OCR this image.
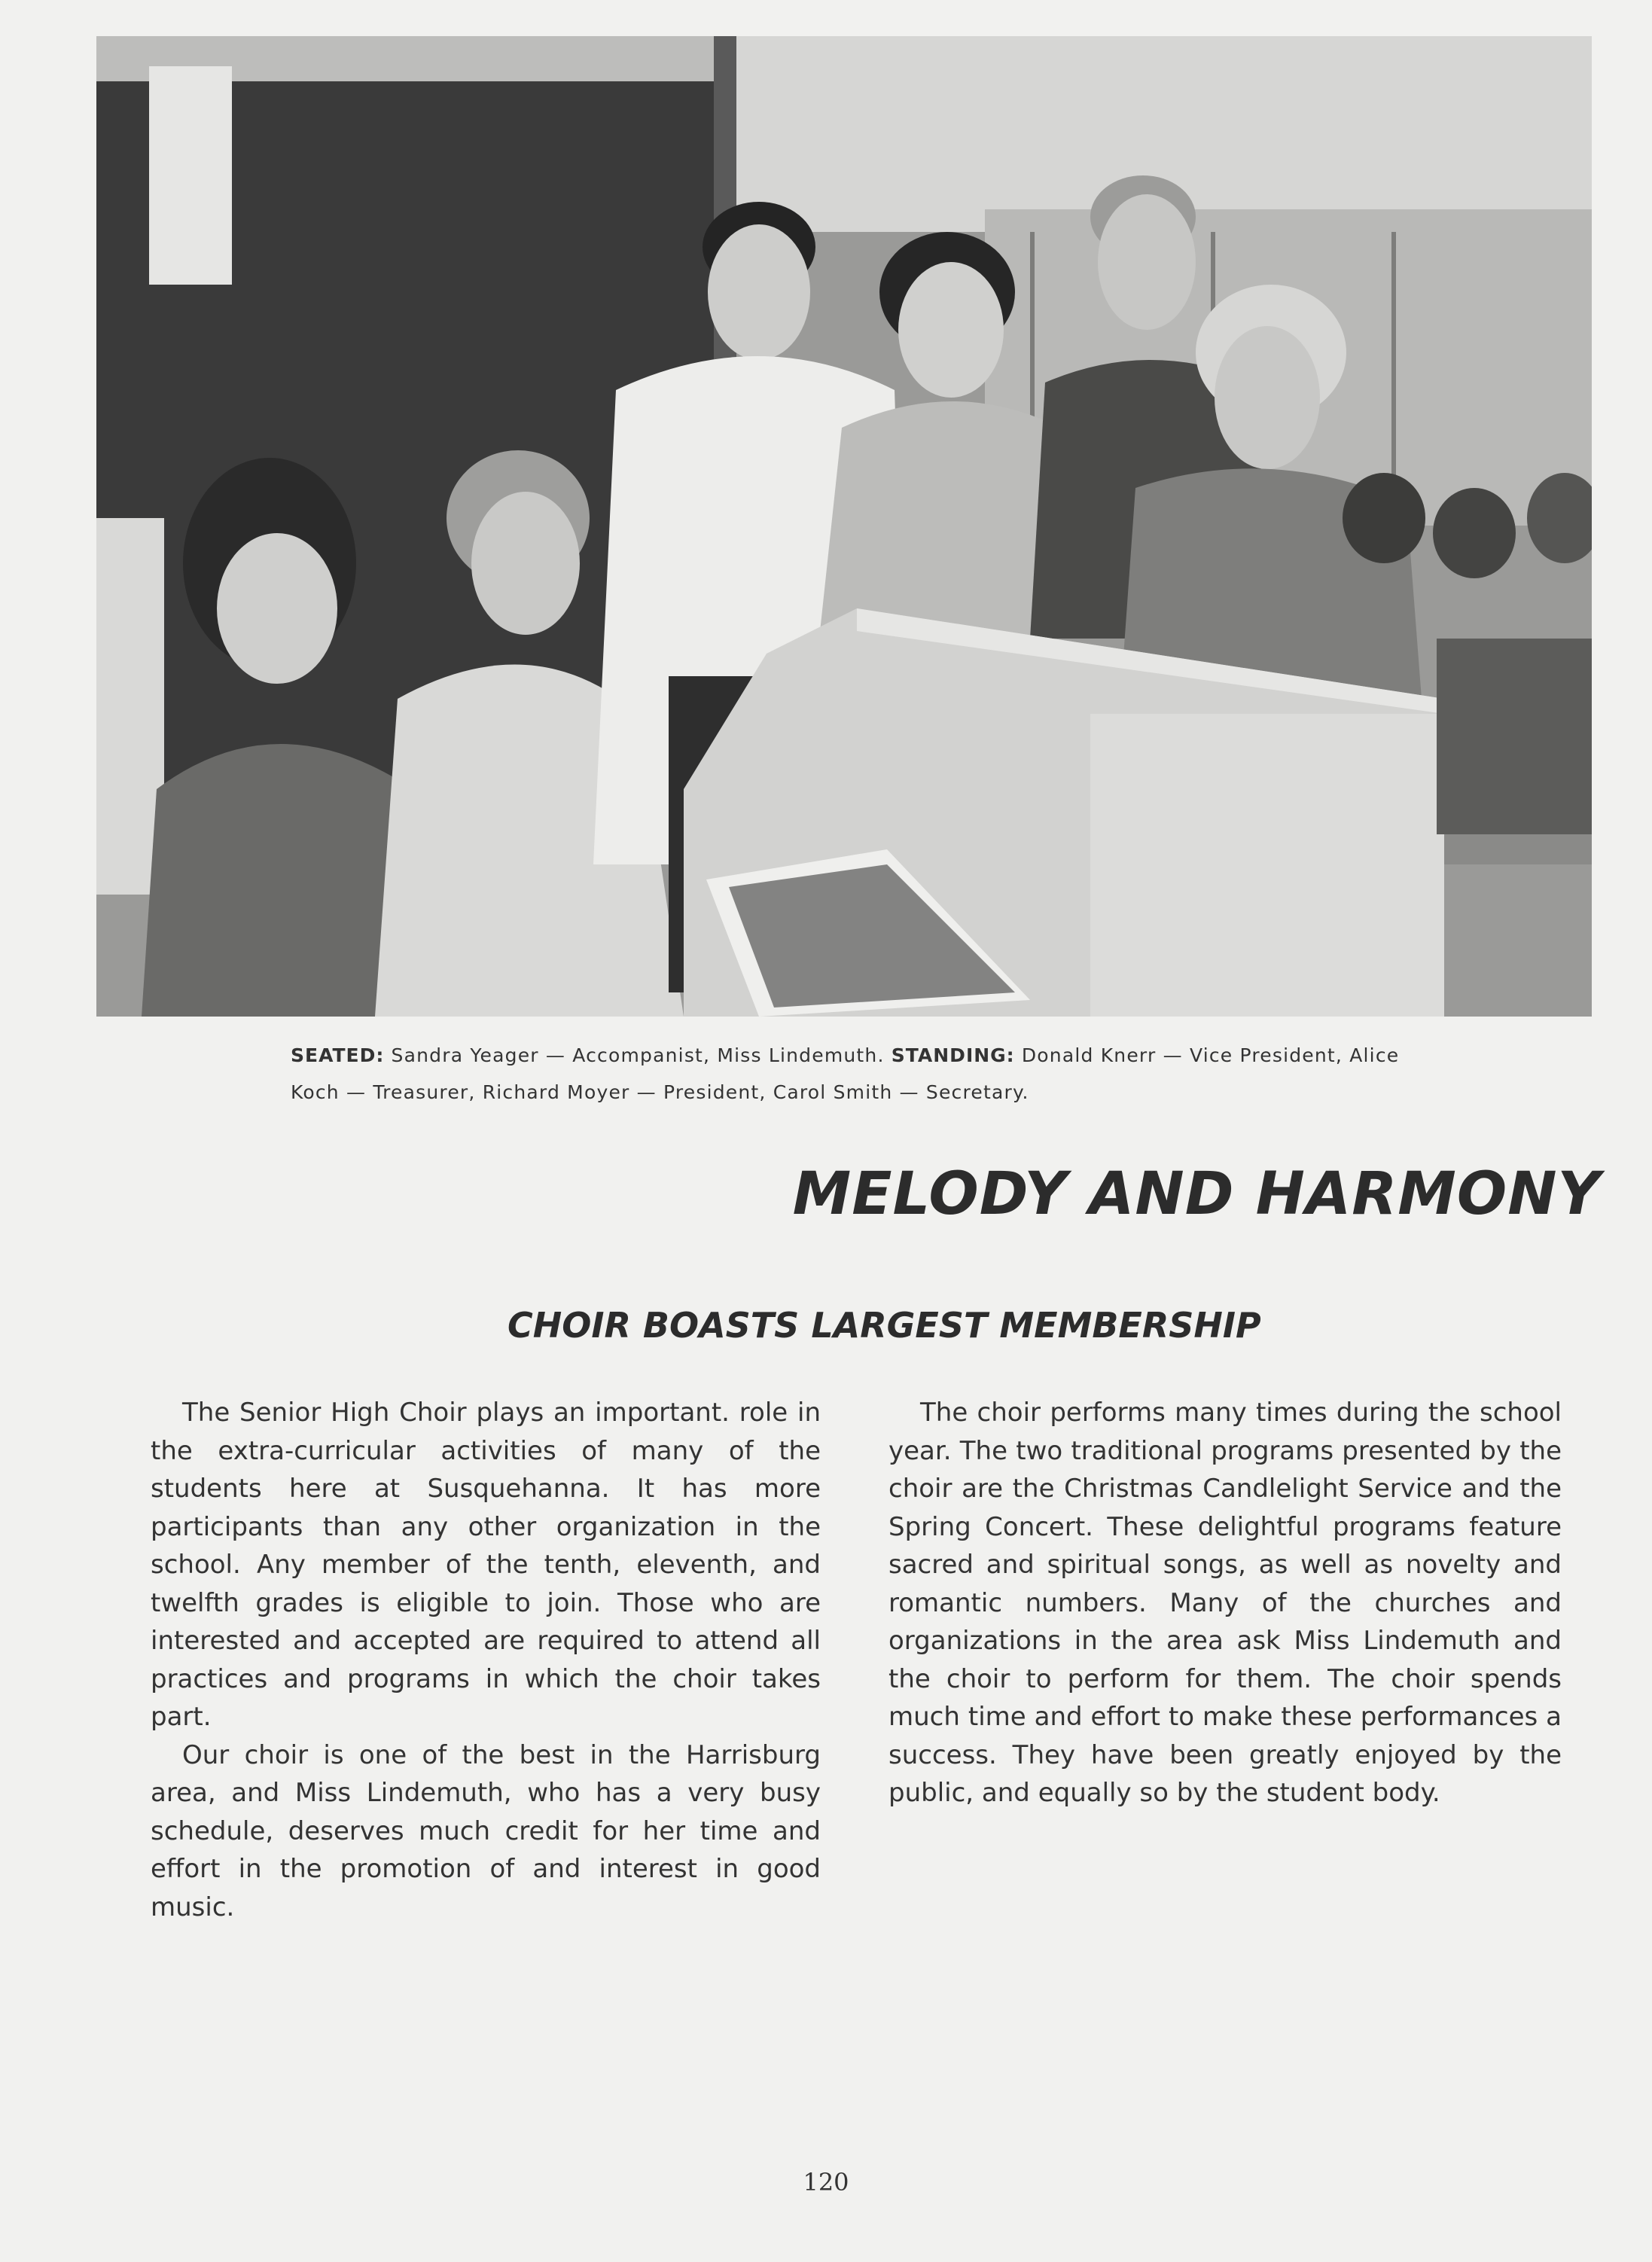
SEATED: Sandra Yeager — Accompanist, Miss Lindemuth. STANDING: Donald Knerr — Vice President, Alice Koch — Treasurer, Richard Moyer — President, Carol Smith — Secretary.

MELODY AND HARMONY
CHOIR BOASTS LARGEST MEMBERSHIP

The Senior High Choir plays an important. role in the extra-curricular activities of many of the students here at Susquehanna. It has more participants than any other organization in the school. Any member of the tenth, eleventh, and twelfth grades is eligible to join. Those who are interested and accepted are required to attend all practices and programs in which the choir takes part.

Our choir is one of the best in the Harrisburg area, and Miss Lindemuth, who has a very busy schedule, deserves much credit for her time and effort in the promotion of and interest in good music.

The choir performs many times during the school year. The two traditional programs presented by the choir are the Christmas Candlelight Service and the Spring Concert. These delightful programs feature sacred and spiritual songs, as well as novelty and romantic numbers. Many of the churches and organizations in the area ask Miss Lindemuth and the choir to perform for them. The choir spends much time and effort to make these performances a success. They have been greatly enjoyed by the public, and equally so by the student body.

120
